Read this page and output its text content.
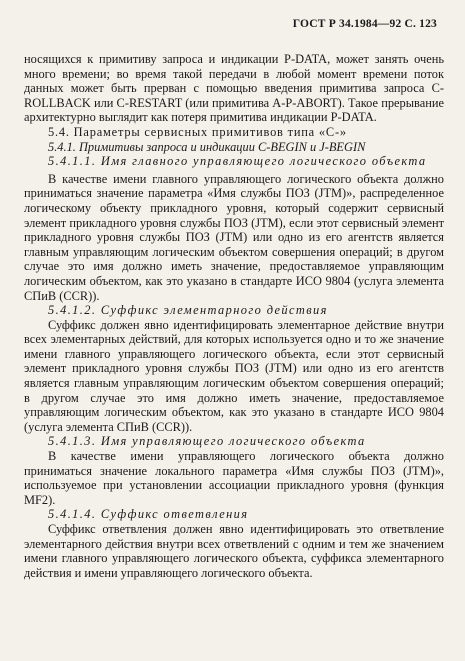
ГОСТ Р 34.1984—92 С. 123

носящихся к примитиву запроса и индикации P-DATA, может занять очень много времени; во время такой передачи в любой момент времени поток данных может быть прерван с помощью введения примитива запроса C-ROLLBACK или C-RESTART (или примитива A-P-ABORT). Такое прерывание архитектурно выглядит как потеря примитива индикации P-DATA.

5.4. Параметры сервисных примитивов типа «С-»

5.4.1. Примитивы запроса и индикации C-BEGIN и J-BEGIN

5.4.1.1. Имя главного управляющего логического объекта

В качестве имени главного управляющего логического объекта должно приниматься значение параметра «Имя службы ПОЗ (JTM)», распределенное логическому объекту прикладного уровня, который содержит сервисный элемент прикладного уровня службы ПОЗ (JTM), если этот сервисный элемент прикладного уровня службы ПОЗ (JTM) или одно из его агентств является главным управляющим логическим объектом совершения операций; в другом случае это имя должно иметь значение, предоставляемое управляющим логическим объектом, как это указано в стандарте ИСО 9804 (услуга элемента СПиВ (CCR)).

5.4.1.2. Суффикс элементарного действия

Суффикс должен явно идентифицировать элементарное действие внутри всех элементарных действий, для которых используется одно и то же значение имени главного управляющего логического объекта, если этот сервисный элемент прикладного уровня службы ПОЗ (JTM) или одно из его агентств является главным управляющим логическим объектом совершения операций; в другом случае это имя должно иметь значение, предоставляемое управляющим логическим объектом, как это указано в стандарте ИСО 9804 (услуга элемента СПиВ (CCR)).

5.4.1.3. Имя управляющего логического объекта

В качестве имени управляющего логического объекта должно приниматься значение локального параметра «Имя службы ПОЗ (JTM)», используемое при установлении ассоциации прикладного уровня (функция MF2).

5.4.1.4. Суффикс ответвления

Суффикс ответвления должен явно идентифицировать это ответвление элементарного действия внутри всех ответвлений с одним и тем же значением имени главного управляющего логического объекта, суффикса элементарного действия и имени управляющего логического объекта.
